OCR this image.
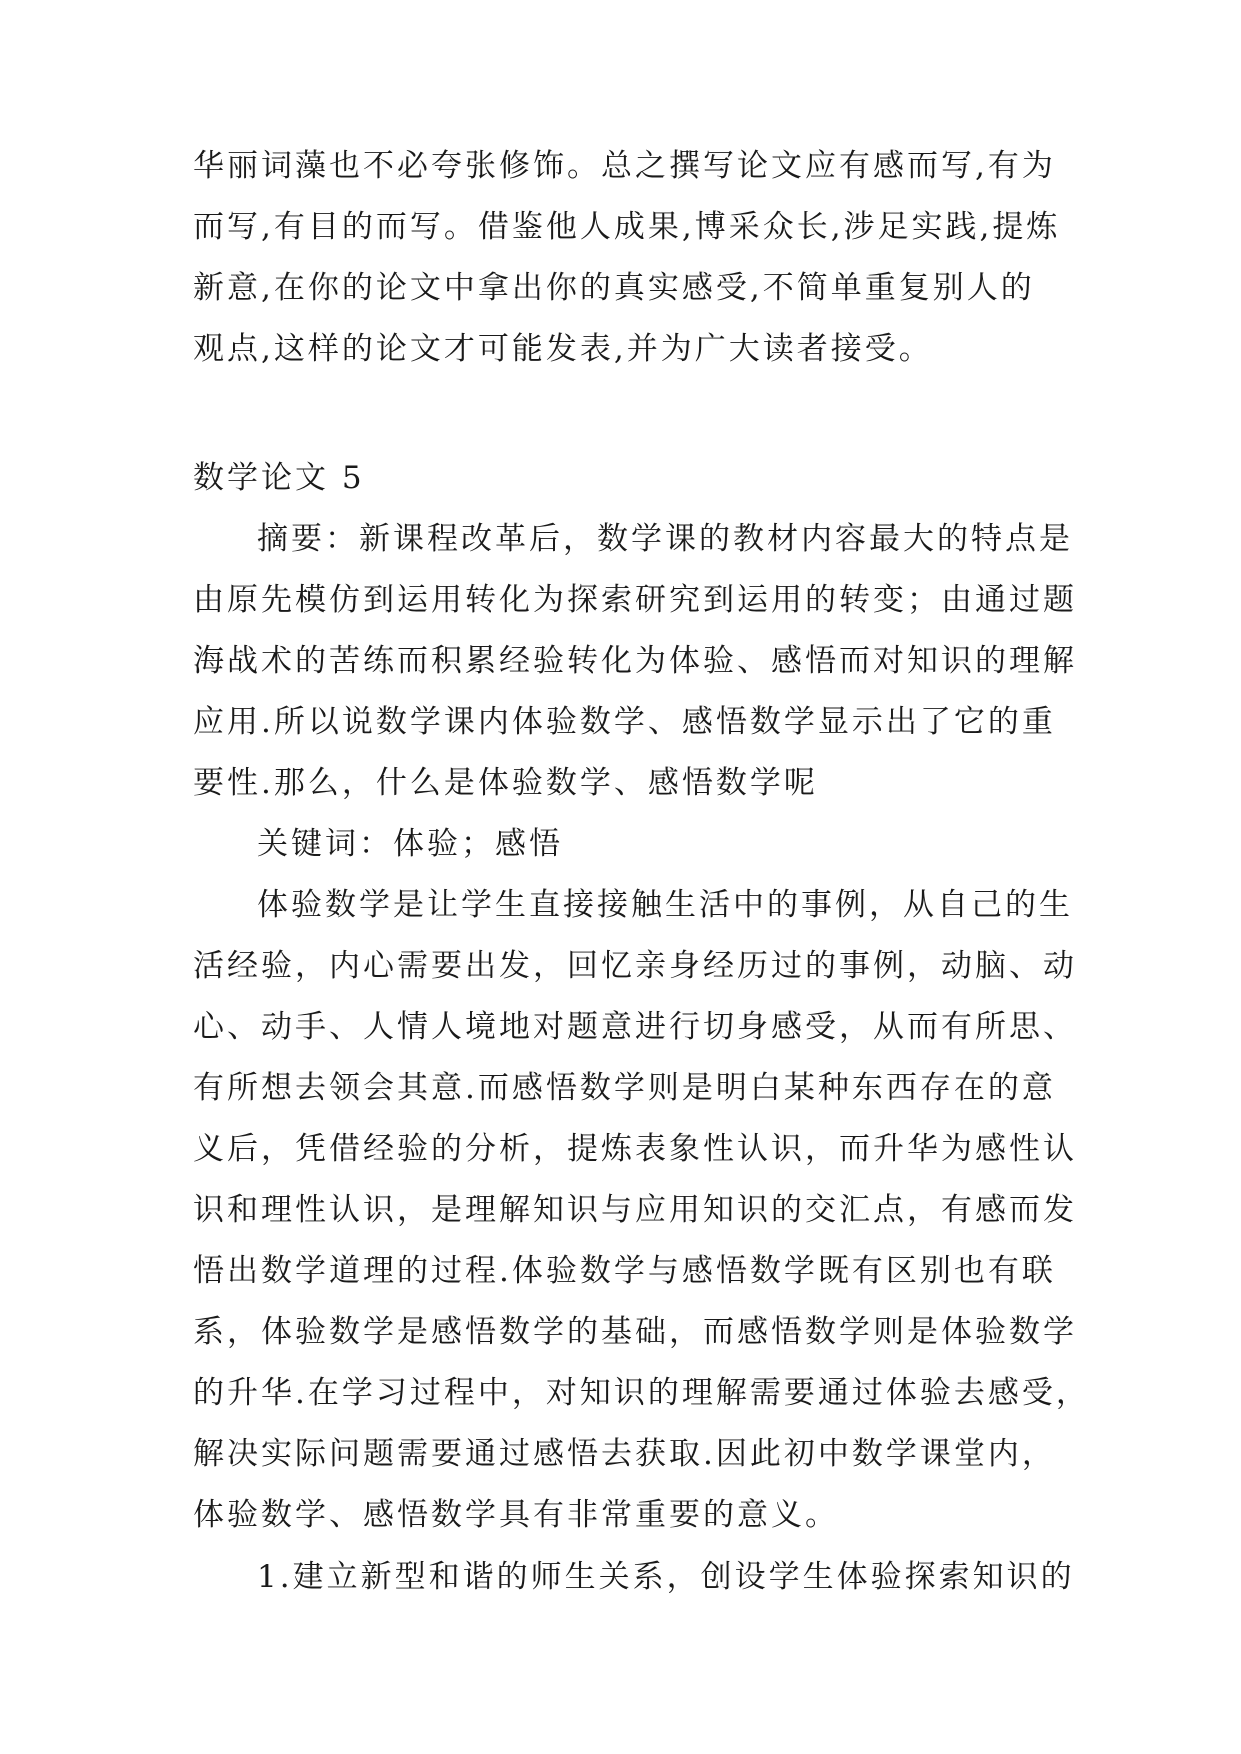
华丽词藻也不必夸张修饰。总之撰写论文应有感而写,有为
而写,有目的而写。借鉴他人成果,博采众长,涉足实践,提炼
新意,在你的论文中拿出你的真实感受,不简单重复别人的
观点,这样的论文才可能发表,并为广大读者接受。
数学论文 5
摘要：新课程改革后，数学课的教材内容最大的特点是
由原先模仿到运用转化为探索研究到运用的转变；由通过题
海战术的苦练而积累经验转化为体验、感悟而对知识的理解
应用.所以说数学课内体验数学、感悟数学显示出了它的重
要性.那么，什么是体验数学、感悟数学呢
关键词：体验；感悟
体验数学是让学生直接接触生活中的事例，从自己的生
活经验，内心需要出发，回忆亲身经历过的事例，动脑、动
心、动手、人情人境地对题意进行切身感受，从而有所思、
有所想去领会其意.而感悟数学则是明白某种东西存在的意
义后，凭借经验的分析，提炼表象性认识，而升华为感性认
识和理性认识，是理解知识与应用知识的交汇点，有感而发
悟出数学道理的过程.体验数学与感悟数学既有区别也有联
系，体验数学是感悟数学的基础，而感悟数学则是体验数学
的升华.在学习过程中，对知识的理解需要通过体验去感受，
解决实际问题需要通过感悟去获取.因此初中数学课堂内，
体验数学、感悟数学具有非常重要的意义。
1.建立新型和谐的师生关系，创设学生体验探索知识的
